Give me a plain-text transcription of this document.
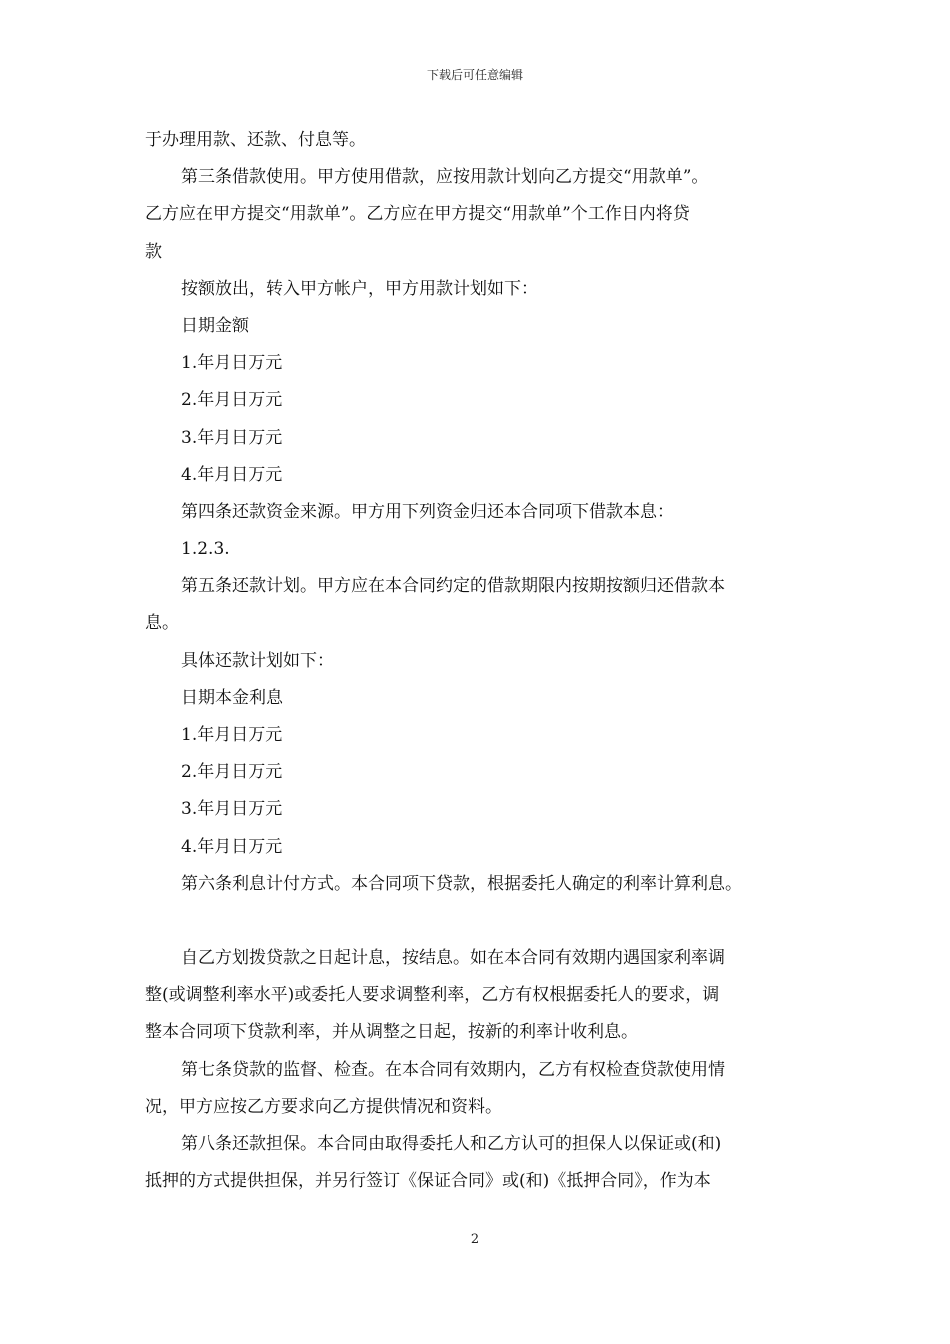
下载后可任意编辑
于办理用款、还款、付息等。
第三条借款使用。甲方使用借款，应按用款计划向乙方提交“用款单”。
乙方应在甲方提交“用款单”。乙方应在甲方提交“用款单”个工作日内将贷
款
按额放出，转入甲方帐户，甲方用款计划如下：
日期金额
1.年月日万元
2.年月日万元
3.年月日万元
4.年月日万元
第四条还款资金来源。甲方用下列资金归还本合同项下借款本息：
1.2.3.
第五条还款计划。甲方应在本合同约定的借款期限内按期按额归还借款本
息。
具体还款计划如下：
日期本金利息
1.年月日万元
2.年月日万元
3.年月日万元
4.年月日万元
第六条利息计付方式。本合同项下贷款，根据委托人确定的利率计算利息。
自乙方划拨贷款之日起计息，按结息。如在本合同有效期内遇国家利率调
整(或调整利率水平)或委托人要求调整利率，乙方有权根据委托人的要求，调
整本合同项下贷款利率，并从调整之日起，按新的利率计收利息。
第七条贷款的监督、检查。在本合同有效期内，乙方有权检查贷款使用情
况，甲方应按乙方要求向乙方提供情况和资料。
第八条还款担保。本合同由取得委托人和乙方认可的担保人以保证或(和)
抵押的方式提供担保，并另行签订《保证合同》或(和)《抵押合同》，作为本
2
